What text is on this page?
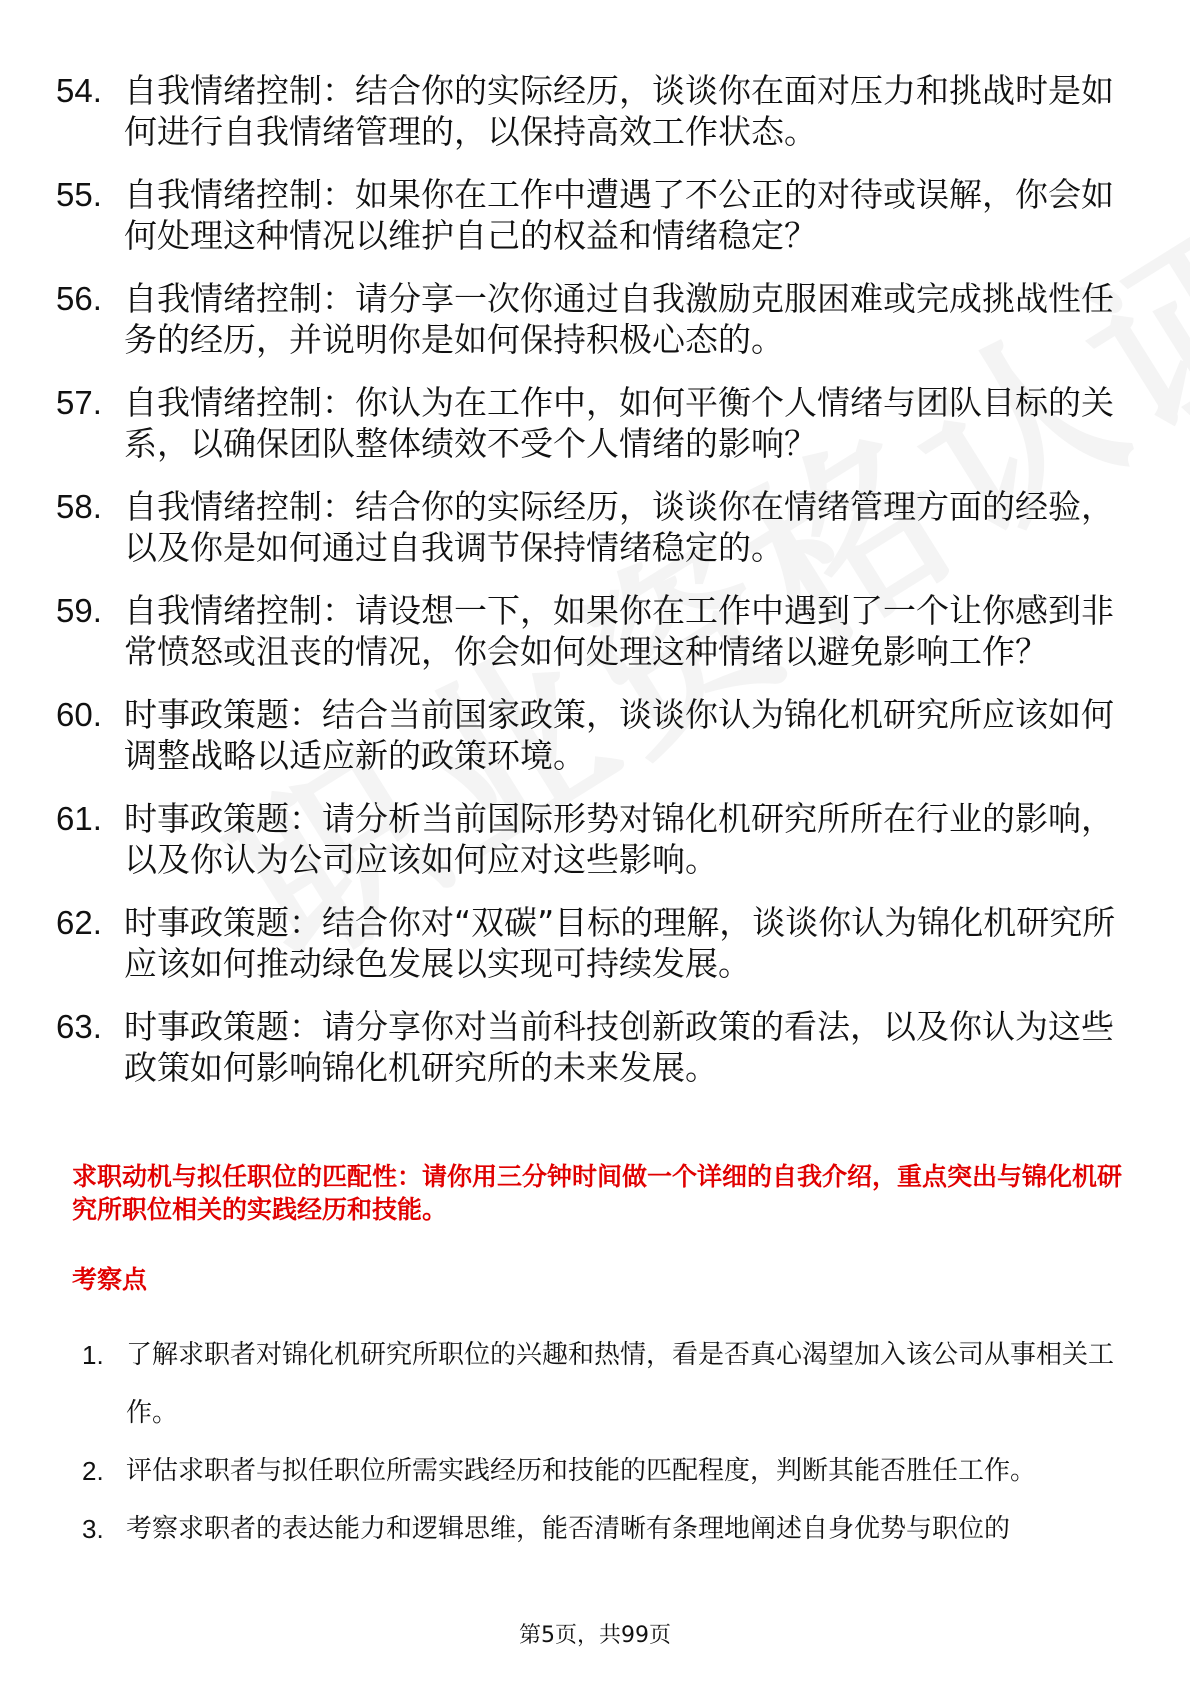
54. 自我情绪控制：结合你的实际经历，谈谈你在面对压力和挑战时是如何进行自我情绪管理的，以保持高效工作状态。
55. 自我情绪控制：如果你在工作中遭遇了不公正的对待或误解，你会如何处理这种情况以维护自己的权益和情绪稳定？
56. 自我情绪控制：请分享一次你通过自我激励克服困难或完成挑战性任务的经历，并说明你是如何保持积极心态的。
57. 自我情绪控制：你认为在工作中，如何平衡个人情绪与团队目标的关系，以确保团队整体绩效不受个人情绪的影响？
58. 自我情绪控制：结合你的实际经历，谈谈你在情绪管理方面的经验，以及你是如何通过自我调节保持情绪稳定的。
59. 自我情绪控制：请设想一下，如果你在工作中遇到了一个让你感到非常愤怒或沮丧的情况，你会如何处理这种情绪以避免影响工作？
60. 时事政策题：结合当前国家政策，谈谈你认为锦化机研究所应该如何调整战略以适应新的政策环境。
61. 时事政策题：请分析当前国际形势对锦化机研究所所在行业的影响，以及你认为公司应该如何应对这些影响。
62. 时事政策题：结合你对“双碳”目标的理解，谈谈你认为锦化机研究所应该如何推动绿色发展以实现可持续发展。
63. 时事政策题：请分享你对当前科技创新政策的看法，以及你认为这些政策如何影响锦化机研究所的未来发展。
求职动机与拟任职位的匹配性：请你用三分钟时间做一个详细的自我介绍，重点突出与锦化机研究所职位相关的实践经历和技能。
考察点
1. 了解求职者对锦化机研究所职位的兴趣和热情，看是否真心渴望加入该公司从事相关工作。
2. 评估求职者与拟任职位所需实践经历和技能的匹配程度，判断其能否胜任工作。
3. 考察求职者的表达能力和逻辑思维，能否清晰有条理地阐述自身优势与职位的
第5页，共99页
